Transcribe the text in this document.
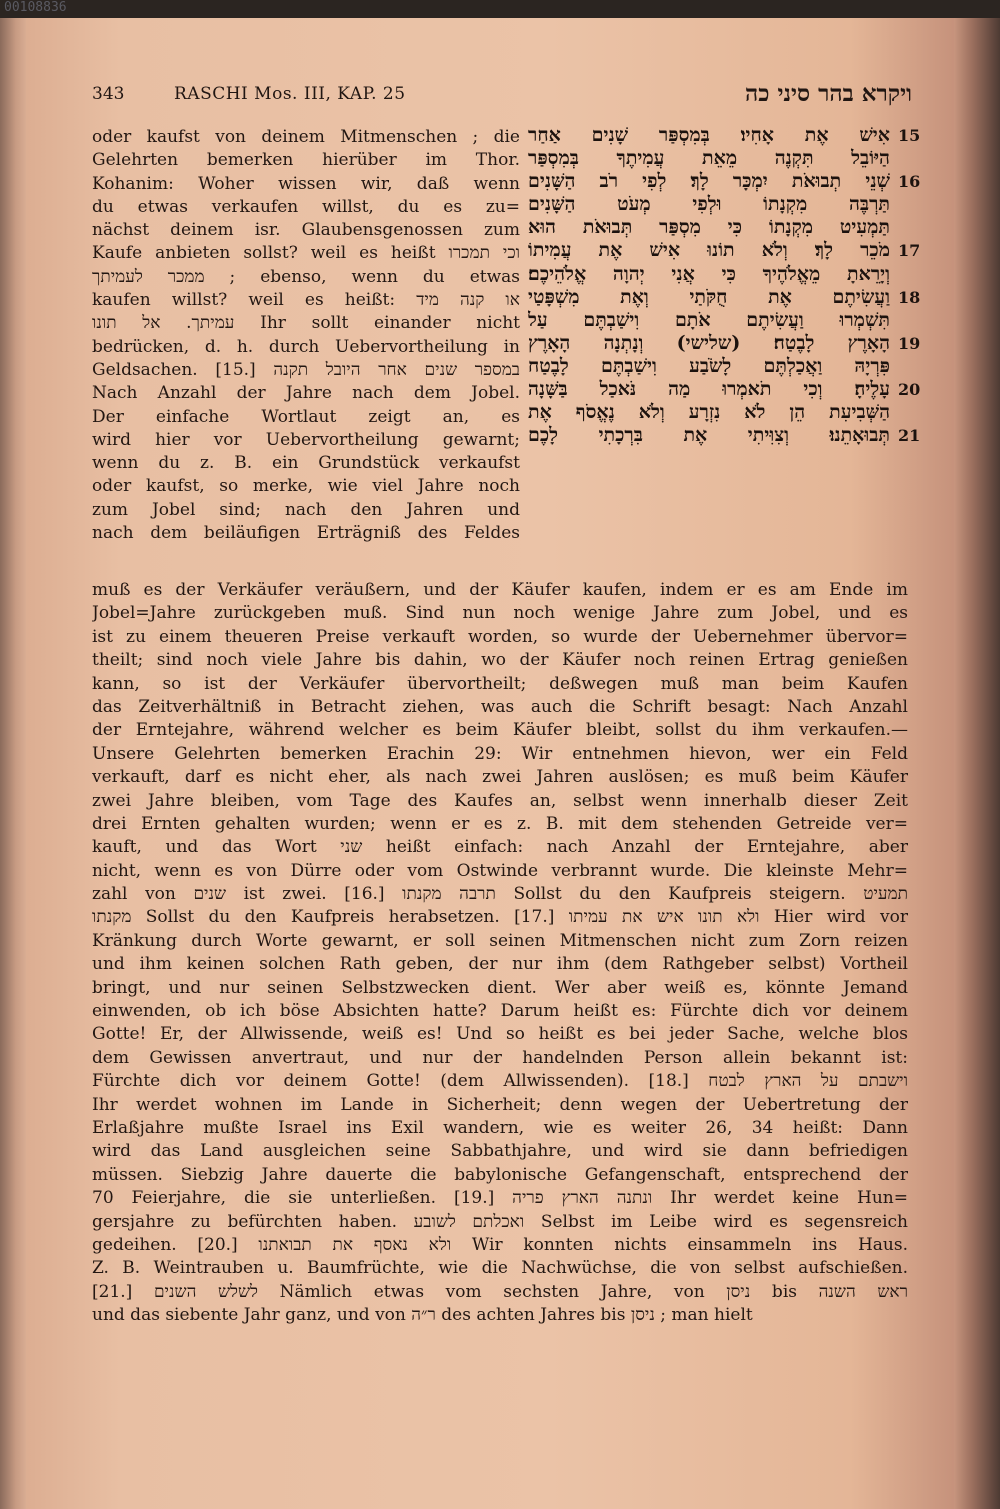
00108836
343	RASCHI Mos. III, KAP. 25	ויקרא בהר סיני כה
oder kaufst von deinem Mitmenschen ; die
Gelehrten bemerken hierüber im Thor.
Kohanim: Woher wissen wir, daß wenn
du etwas verkaufen willst, du es zu=
nächst deinem isr. Glaubensgenossen zum
Kaufe anbieten sollst? weil es heißt וכי תמכרו
ממכר לעמיתך ; ebenso, wenn du etwas
kaufen willst? weil es heißt: או קנה מיד
עמיתך. אל תונו Ihr sollt einander nicht
bedrücken, d. h. durch Uebervortheilung in
Geldsachen. [15.] במספר שנים אחר היובל תקנה
Nach Anzahl der Jahre nach dem Jobel.
Der einfache Wortlaut zeigt an, es
wird hier vor Uebervortheilung gewarnt;
wenn du z. B. ein Grundstück verkaufst
oder kaufst, so merke, wie viel Jahre noch
zum Jobel sind; nach den Jahren und
nach dem beiläufigen Erträgniß des Feldes
אִישׁ אֶת אָחִיו׃ בְּמִסְפַּר שָׁנִים אַחַר 15
הַיּוֹבֵל תִּקְנֶה מֵאֵת עֲמִיתֶךָ בְּמִסְפַּר
שְׁנֵי תְבוּאֹת יִמְכָּר לָךְ׃ לְפִי רֹב הַשָּׁנִים 16
תַּרְבֶּה מִקְנָתוֹ וּלְפִי מְעֹט הַשָּׁנִים
תַּמְעִיט מִקְנָתוֹ כִּי מִסְפַּר תְּבוּאֹת הוּא
מֹכֵר לָךְ׃ וְלֹא תוֹנוּ אִישׁ אֶת עֲמִיתוֹ 17
וְיָרֵאתָ מֵאֱלֹהֶיךָ כִּי אֲנִי יְהוָה אֱלֹהֵיכֶם׃
וַעֲשִׂיתֶם אֶת חֻקֹּתַי וְאֶת מִשְׁפָּטַי 18
תִּשְׁמְרוּ וַעֲשִׂיתֶם אֹתָם וִישַׁבְתֶּם עַל
הָאָרֶץ לָבֶטַח׃ (שלישי) וְנָתְנָה הָאָרֶץ 19
פִּרְיָהּ וַאֲכַלְתֶּם לָשֹׂבַע וִישַׁבְתֶּם לָבֶטַח
עָלֶיהָ׃ וְכִי תֹאמְרוּ מַה נֹּאכַל בַּשָּׁנָה 20
הַשְּׁבִיעִת הֵן לֹא נִזְרָע וְלֹא נֶאֱסֹף אֶת
תְּבוּאָתֵנוּ׃ וְצִוִּיתִי אֶת בִּרְכָתִי לָכֶם 21
muß es der Verkäufer veräußern, und der Käufer kaufen, indem er es am Ende im
Jobel=Jahre zurückgeben muß. Sind nun noch wenige Jahre zum Jobel, und es
ist zu einem theueren Preise verkauft worden, so wurde der Uebernehmer übervor=
theilt; sind noch viele Jahre bis dahin, wo der Käufer noch reinen Ertrag genießen
kann, so ist der Verkäufer übervortheilt; deßwegen muß man beim Kaufen
das Zeitverhältniß in Betracht ziehen, was auch die Schrift besagt: Nach Anzahl
der Erntejahre, während welcher es beim Käufer bleibt, sollst du ihm verkaufen.—
Unsere Gelehrten bemerken Erachin 29: Wir entnehmen hievon, wer ein Feld
verkauft, darf es nicht eher, als nach zwei Jahren auslösen; es muß beim Käufer
zwei Jahre bleiben, vom Tage des Kaufes an, selbst wenn innerhalb dieser Zeit
drei Ernten gehalten wurden; wenn er es z. B. mit dem stehenden Getreide ver=
kauft, und das Wort שני heißt einfach: nach Anzahl der Erntejahre, aber
nicht, wenn es von Dürre oder vom Ostwinde verbrannt wurde. Die kleinste Mehr=
zahl von שנים ist zwei. [16.] תרבה מקנתו Sollst du den Kaufpreis steigern. תמעיט
מקנתו Sollst du den Kaufpreis herabsetzen. [17.] ולא תונו איש את עמיתו Hier wird vor
Kränkung durch Worte gewarnt, er soll seinen Mitmenschen nicht zum Zorn reizen
und ihm keinen solchen Rath geben, der nur ihm (dem Rathgeber selbst) Vortheil
bringt, und nur seinen Selbstzwecken dient. Wer aber weiß es, könnte Jemand
einwenden, ob ich böse Absichten hatte? Darum heißt es: Fürchte dich vor deinem
Gotte! Er, der Allwissende, weiß es! Und so heißt es bei jeder Sache, welche blos
dem Gewissen anvertraut, und nur der handelnden Person allein bekannt ist:
Fürchte dich vor deinem Gotte! (dem Allwissenden). [18.] וישבתם על הארץ לבטח
Ihr werdet wohnen im Lande in Sicherheit; denn wegen der Uebertretung der
Erlaßjahre mußte Israel ins Exil wandern, wie es weiter 26, 34 heißt: Dann
wird das Land ausgleichen seine Sabbathjahre, und wird sie dann befriedigen
müssen. Siebzig Jahre dauerte die babylonische Gefangenschaft, entsprechend der
70 Feierjahre, die sie unterließen. [19.] ונתנה הארץ פריה Ihr werdet keine Hun=
gersjahre zu befürchten haben. ואכלתם לשובע Selbst im Leibe wird es segensreich
gedeihen. [20.] ולא נאסף את תבואתנו Wir konnten nichts einsammeln ins Haus.
Z. B. Weintrauben u. Baumfrüchte, wie die Nachwüchse, die von selbst aufschießen.
[21.] לשלש השנים Nämlich etwas vom sechsten Jahre, von ניסן bis ראש השנה
und das siebente Jahr ganz, und von ר״ה des achten Jahres bis ניסן ; man hielt
